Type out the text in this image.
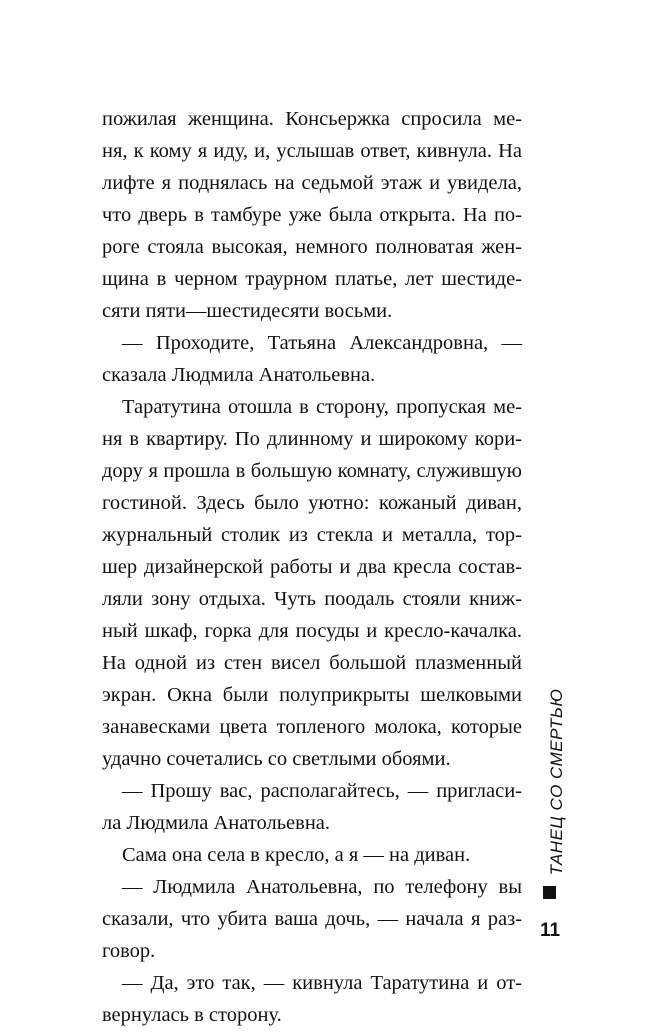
пожилая женщина. Консьержка спросила ме-
ня, к кому я иду, и, услышав ответ, кивнула. На
лифте я поднялась на седьмой этаж и увидела,
что дверь в тамбуре уже была открыта. На по-
роге стояла высокая, немного полноватая жен-
щина в черном траурном платье, лет шестиде-
сяти пяти—шестидесяти восьми.
— Проходите, Татьяна Александровна, —
сказала Людмила Анатольевна.
Таратутина отошла в сторону, пропуская ме-
ня в квартиру. По длинному и широкому кори-
дору я прошла в большую комнату, служившую
гостиной. Здесь было уютно: кожаный диван,
журнальный столик из стекла и металла, тор-
шер дизайнерской работы и два кресла состав-
ляли зону отдыха. Чуть поодаль стояли книж-
ный шкаф, горка для посуды и кресло-качалка.
На одной из стен висел большой плазменный
экран. Окна были полуприкрыты шелковыми
занавесками цвета топленого молока, которые
удачно сочетались со светлыми обоями.
— Прошу вас, располагайтесь, — пригласи-
ла Людмила Анатольевна.
Сама она села в кресло, а я — на диван.
— Людмила Анатольевна, по телефону вы
сказали, что убита ваша дочь, — начала я раз-
говор.
— Да, это так, — кивнула Таратутина и от-
вернулась в сторону.
ТАНЕЦ СО СМЕРТЬЮ
11
